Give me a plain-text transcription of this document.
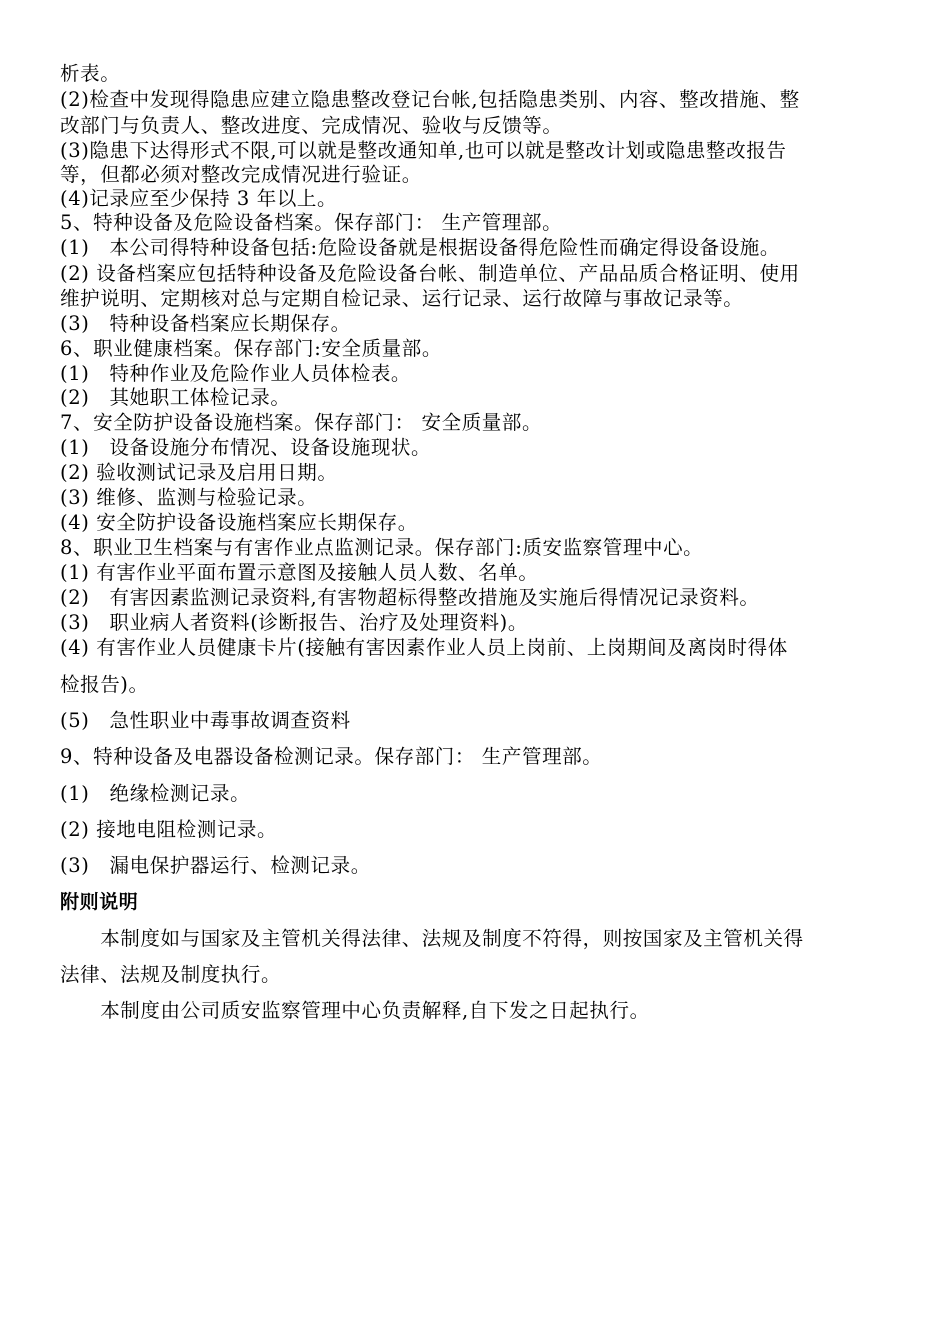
析表。
(2)检查中发现得隐患应建立隐患整改登记台帐,包括隐患类别、内容、整改措施、整
改部门与负责人、整改进度、完成情况、验收与反馈等。
(3)隐患下达得形式不限,可以就是整改通知单,也可以就是整改计划或隐患整改报告
等，但都必须对整改完成情况进行验证。
(4)记录应至少保持 3 年以上。
5、特种设备及危险设备档案。保存部门： 生产管理部。
(1)　本公司得特种设备包括:危险设备就是根据设备得危险性而确定得设备设施。
(2) 设备档案应包括特种设备及危险设备台帐、制造单位、产品品质合格证明、使用
维护说明、定期核对总与定期自检记录、运行记录、运行故障与事故记录等。
(3)　特种设备档案应长期保存。
6、职业健康档案。保存部门:安全质量部。
(1)　特种作业及危险作业人员体检表。
(2)　其她职工体检记录。
7、安全防护设备设施档案。保存部门： 安全质量部。
(1)　设备设施分布情况、设备设施现状。
(2) 验收测试记录及启用日期。
(3) 维修、监测与检验记录。
(4) 安全防护设备设施档案应长期保存。
8、职业卫生档案与有害作业点监测记录。保存部门:质安监察管理中心。
(1) 有害作业平面布置示意图及接触人员人数、名单。
(2)　有害因素监测记录资料,有害物超标得整改措施及实施后得情况记录资料。
(3)　职业病人者资料(诊断报告、治疗及处理资料)。
(4) 有害作业人员健康卡片(接触有害因素作业人员上岗前、上岗期间及离岗时得体
检报告)。
(5)　急性职业中毒事故调查资料
9、特种设备及电器设备检测记录。保存部门： 生产管理部。
(1)　绝缘检测记录。
(2) 接地电阻检测记录。
(3)　漏电保护器运行、检测记录。
附则说明
　　本制度如与国家及主管机关得法律、法规及制度不符得，则按国家及主管机关得
法律、法规及制度执行。
　　本制度由公司质安监察管理中心负责解释,自下发之日起执行。
